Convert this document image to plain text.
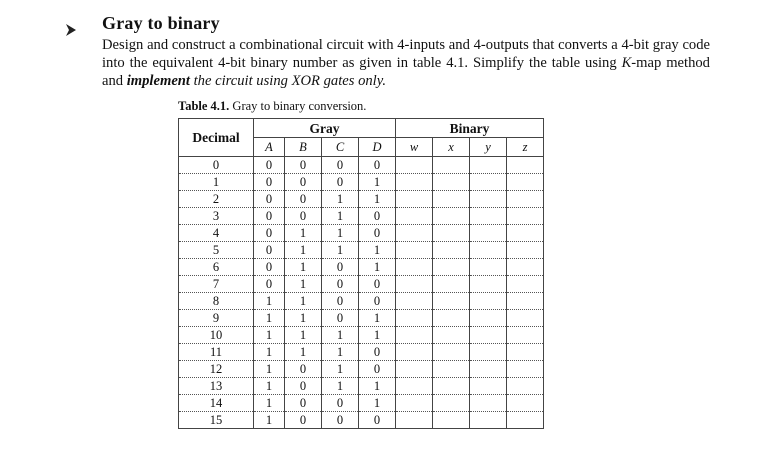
Gray to binary

Design and construct a combinational circuit with 4-inputs and 4-outputs that converts a 4-bit gray code into the equivalent 4-bit binary number as given in table 4.1. Simplify the table using K-map method and implement the circuit using XOR gates only.

Table 4.1. Gray to binary conversion.
Decimal	Gray				Binary			
	A	B	C	D	w	x	y	z
0	0	0	0	0				
1	0	0	0	1				
2	0	0	1	1				
3	0	0	1	0				
4	0	1	1	0				
5	0	1	1	1				
6	0	1	0	1				
7	0	1	0	0				
8	1	1	0	0				
9	1	1	0	1				
10	1	1	1	1				
11	1	1	1	0				
12	1	0	1	0				
13	1	0	1	1				
14	1	0	0	1				
15	1	0	0	0				
